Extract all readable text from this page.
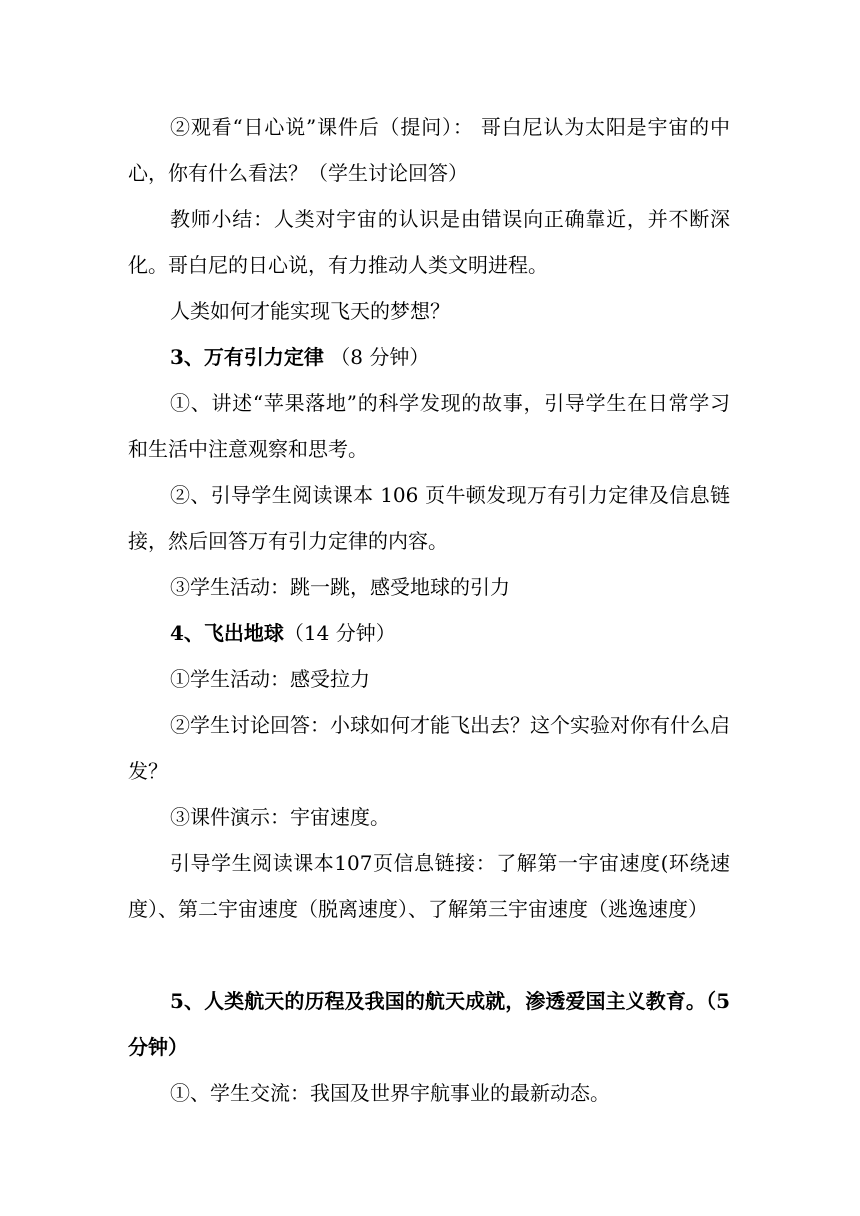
②观看“日心说”课件后（提问）： 哥白尼认为太阳是宇宙的中心，你有什么看法？（学生讨论回答）

教师小结：人类对宇宙的认识是由错误向正确靠近，并不断深化。哥白尼的日心说，有力推动人类文明进程。

人类如何才能实现飞天的梦想？

3、万有引力定律 （8 分钟）

①、讲述“苹果落地”的科学发现的故事，引导学生在日常学习和生活中注意观察和思考。

②、引导学生阅读课本 106 页牛顿发现万有引力定律及信息链接，然后回答万有引力定律的内容。

③学生活动：跳一跳，感受地球的引力

4、飞出地球（14 分钟）

①学生活动：感受拉力

②学生讨论回答：小球如何才能飞出去？这个实验对你有什么启发？

③课件演示：宇宙速度。

引导学生阅读课本107页信息链接：了解第一宇宙速度(环绕速度）、第二宇宙速度（脱离速度）、了解第三宇宙速度（逃逸速度）

5、人类航天的历程及我国的航天成就，渗透爱国主义教育。（5 分钟）

①、学生交流：我国及世界宇航事业的最新动态。
